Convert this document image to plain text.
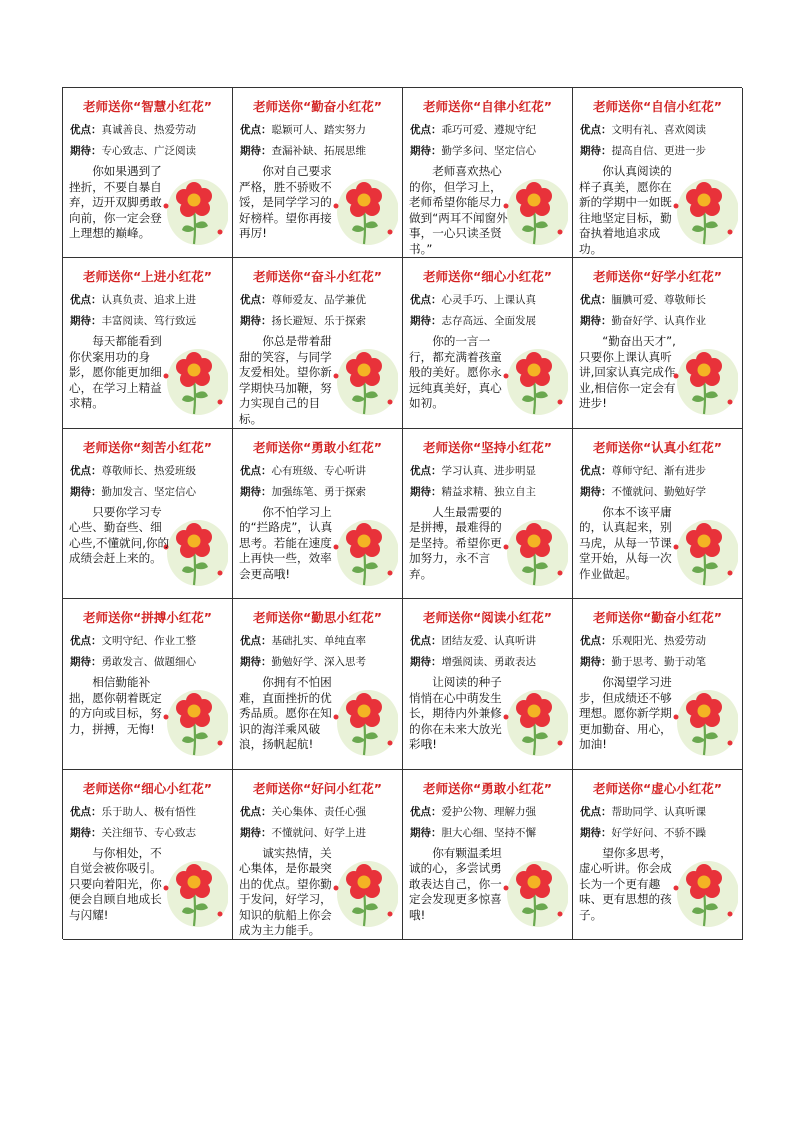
老师送你“智慧小红花”
优点：真诚善良、热爱劳动
期待：专心致志、广泛阅读
　　你如果遇到了挫折，不要自暴自弃，迈开双脚勇敢向前，你一定会登上理想的巅峰。
老师送你“勤奋小红花”
优点：聪颖可人、踏实努力
期待：查漏补缺、拓展思维
　　你对自己要求严格，胜不骄败不馁，是同学学习的好榜样。望你再接再厉!
老师送你“自律小红花”
优点：乖巧可爱、遵规守纪
期待：勤学多问、坚定信心
　　老师喜欢热心的你，但学习上，老师希望你能尽力做到“两耳不闻窗外事，一心只读圣贤书。”
老师送你“自信小红花”
优点：文明有礼、喜欢阅读
期待：提高自信、更进一步
　　你认真阅读的样子真美，愿你在新的学期中一如既往地坚定目标，勤奋执着地追求成功。
老师送你“上进小红花”
优点：认真负责、追求上进
期待：丰富阅读、笃行致远
　　每天都能看到你伏案用功的身影，愿你能更加细心，在学习上精益求精。
老师送你“奋斗小红花”
优点：尊师爱友、品学兼优
期待：扬长避短、乐于探索
　　你总是带着甜甜的笑容，与同学友爱相处。望你新学期快马加鞭，努力实现自己的目标。
老师送你“细心小红花”
优点：心灵手巧、上课认真
期待：志存高远、全面发展
　　你的一言一行，都充满着孩童般的美好。愿你永远纯真美好，真心如初。
老师送你“好学小红花”
优点：腼腆可爱、尊敬师长
期待：勤奋好学、认真作业
　　“勤奋出天才”,只要你上课认真听讲,回家认真完成作业,相信你一定会有进步!
老师送你“刻苦小红花”
优点：尊敬师长、热爱班级
期待：勤加发言、坚定信心
　　只要你学习专心些、勤奋些、细心些,不懂就问,你的成绩会赶上来的。
老师送你“勇敢小红花”
优点：心有班级、专心听讲
期待：加强练笔、勇于探索
　　你不怕学习上的“拦路虎”，认真思考。若能在速度上再快一些，效率会更高哦!
老师送你“坚持小红花”
优点：学习认真、进步明显
期待：精益求精、独立自主
　　人生最需要的是拼搏，最难得的是坚持。希望你更加努力，永不言弃。
老师送你“认真小红花”
优点：尊师守纪、渐有进步
期待：不懂就问、勤勉好学
　　你本不该平庸的，认真起来，别马虎，从每一节课堂开始，从每一次作业做起。
老师送你“拼搏小红花”
优点：文明守纪、作业工整
期待：勇敢发言、做题细心
　　相信勤能补拙，愿你朝着既定的方向或目标，努力，拼搏，无悔!
老师送你“勤思小红花”
优点：基础扎实、单纯直率
期待：勤勉好学、深入思考
　　你拥有不怕困难，直面挫折的优秀品质。愿你在知识的海洋乘风破浪，扬帆起航!
老师送你“阅读小红花”
优点：团结友爱、认真听讲
期待：增强阅读、勇敢表达
　　让阅读的种子悄悄在心中萌发生长，期待内外兼修的你在未来大放光彩哦!
老师送你“勤奋小红花”
优点：乐观阳光、热爱劳动
期待：勤于思考、勤于动笔
　　你渴望学习进步，但成绩还不够理想。愿你新学期更加勤奋、用心，加油!
老师送你“细心小红花”
优点：乐于助人、极有悟性
期待：关注细节、专心致志
　　与你相处，不自觉会被你吸引。只要向着阳光，你便会自顾自地成长与闪耀!
老师送你“好问小红花”
优点：关心集体、责任心强
期待：不懂就问、好学上进
　　诚实热情，关心集体，是你最突出的优点。望你勤于发问，好学习，知识的航船上你会成为主力能手。
老师送你“勇敢小红花”
优点：爱护公物、理解力强
期待：胆大心细、坚持不懈
　　你有颗温柔坦诚的心，多尝试勇敢表达自己，你一定会发现更多惊喜哦!
老师送你“虚心小红花”
优点：帮助同学、认真听课
期待：好学好问、不骄不躁
　　望你多思考，虚心听讲。你会成长为一个更有趣味、更有思想的孩子。
